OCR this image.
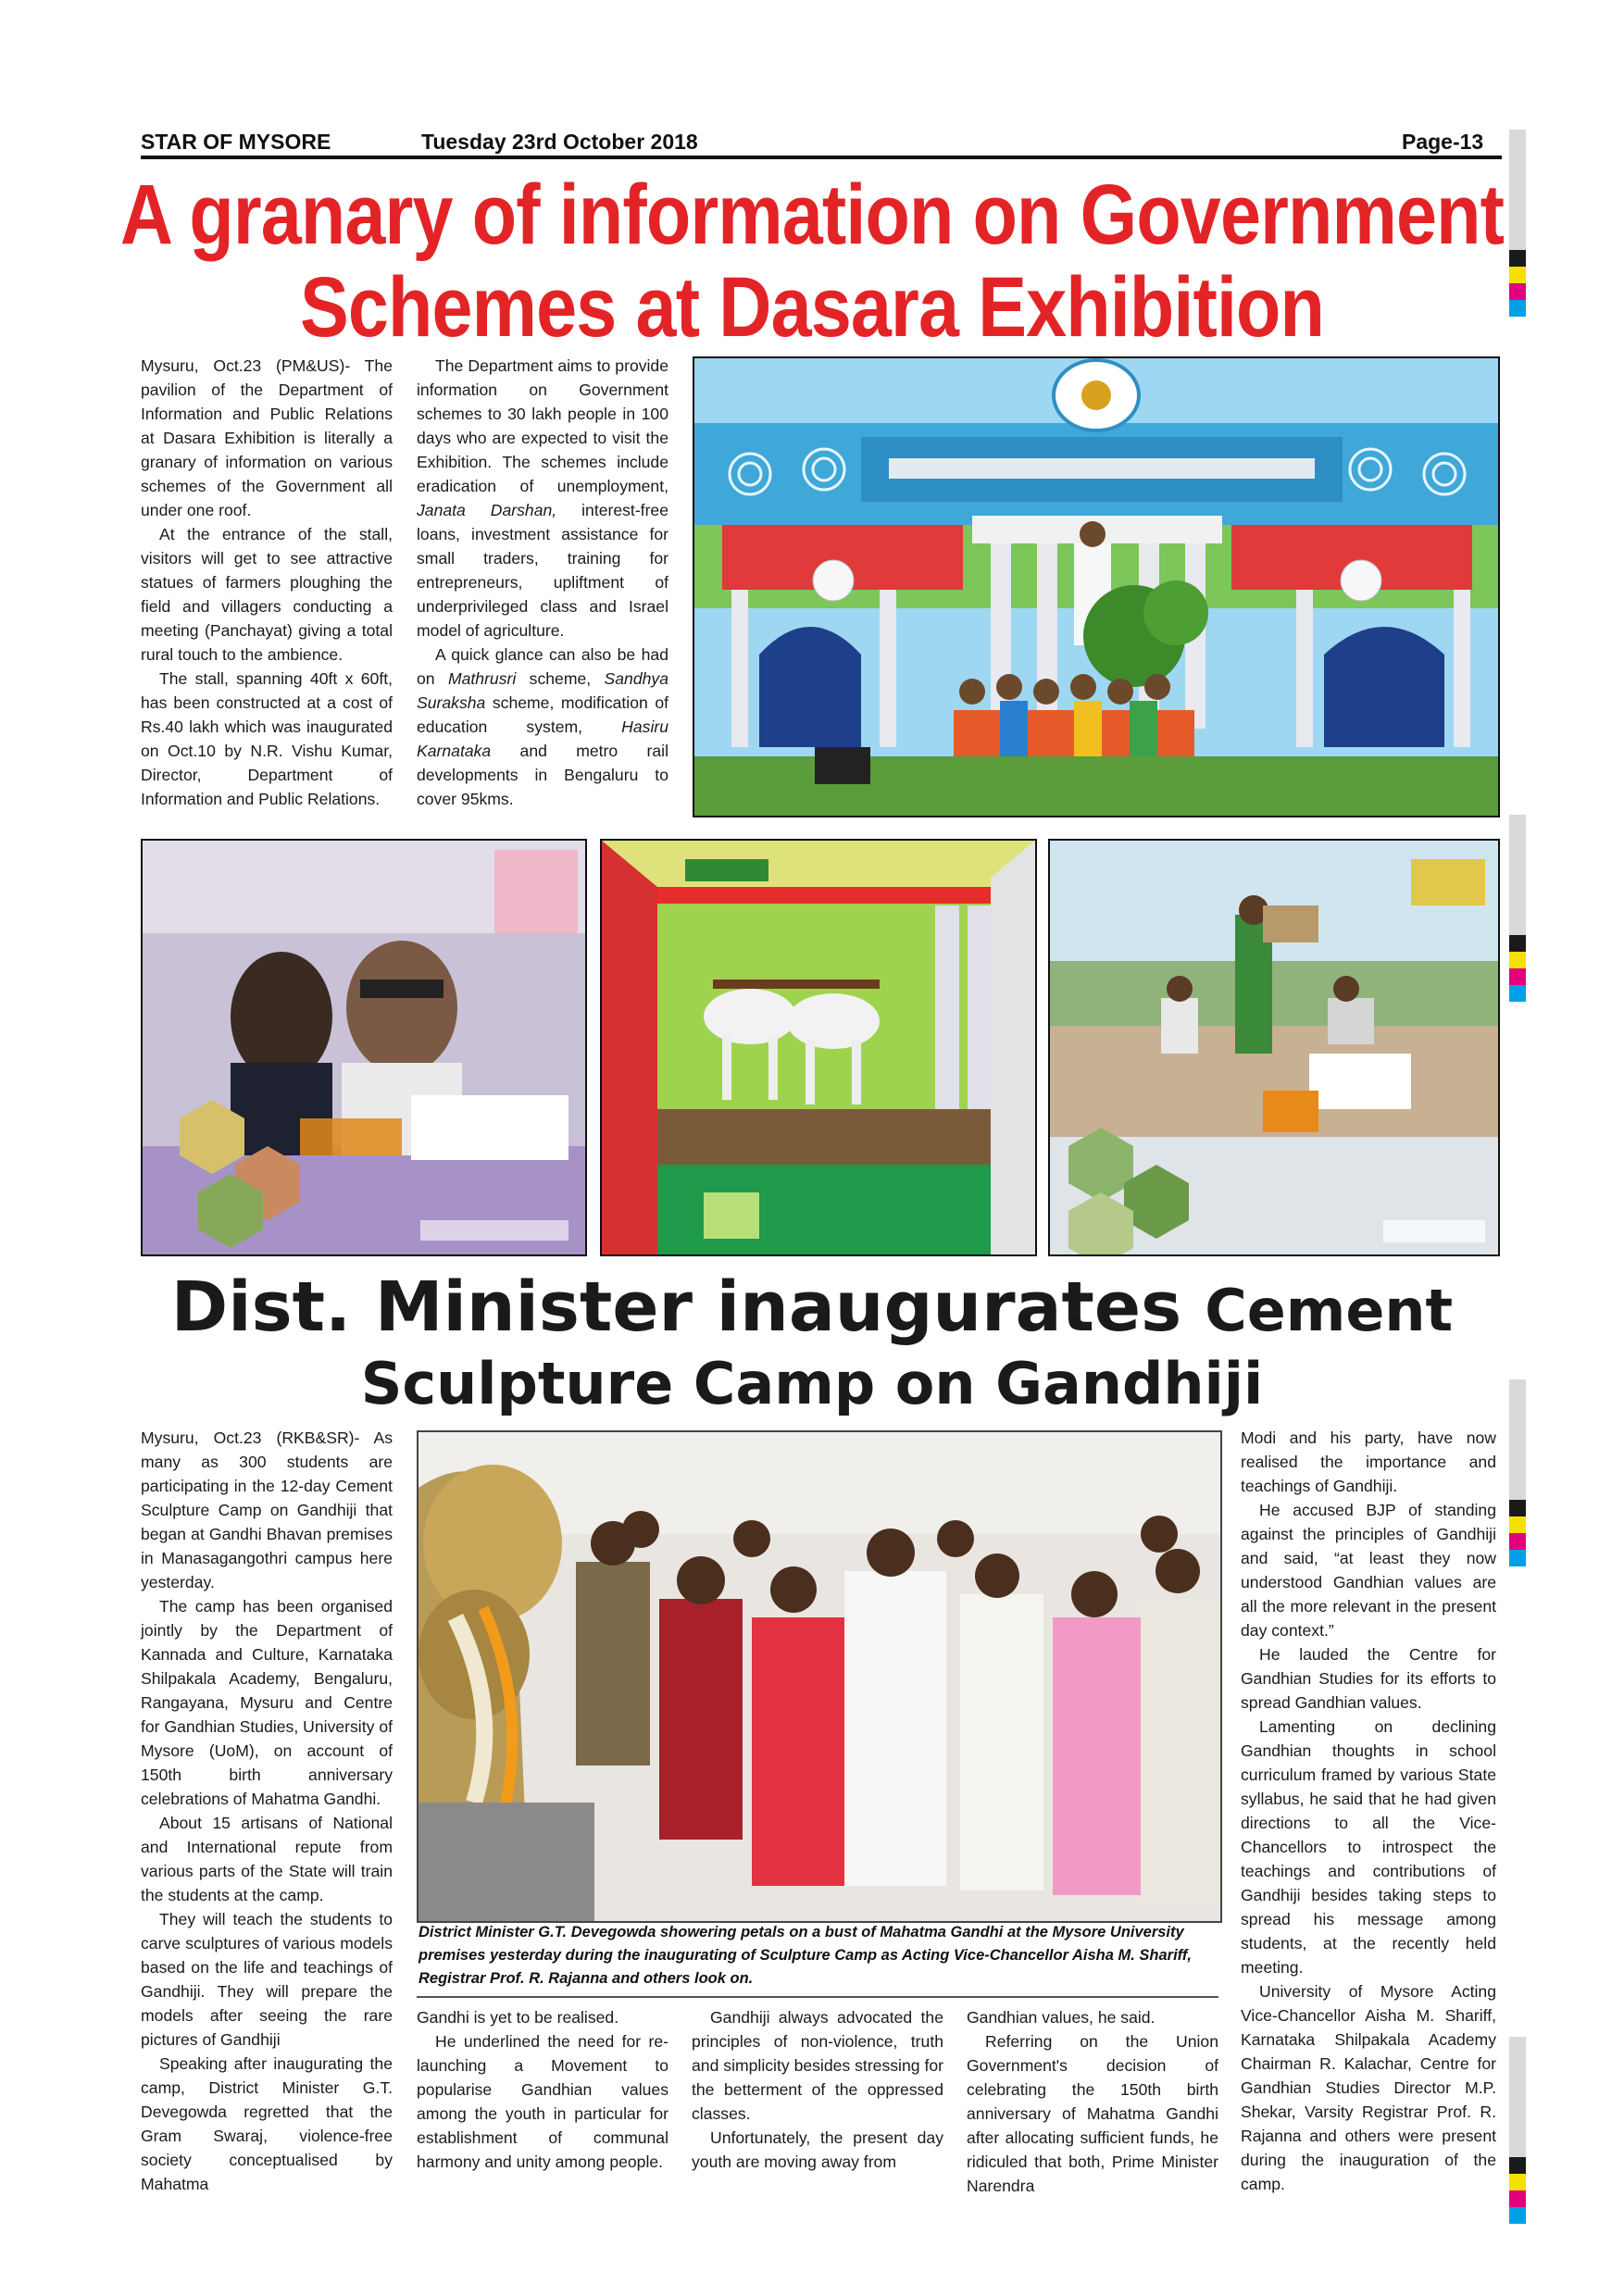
STAR OF MYSORE	Tuesday 23rd October 2018	Page-13
A granary of information on Government
Schemes at Dasara Exhibition

Mysuru, Oct.23 (PM&US)- The pavilion of the Department of Information and Public Relations at Dasara Exhibition is literally a granary of information on various schemes of the Government all under one roof.

At the entrance of the stall, visitors will get to see attractive statues of farmers ploughing the field and villagers conducting a meeting (Panchayat) giving a total rural touch to the ambience.

The stall, spanning 40ft x 60ft, has been constructed at a cost of Rs.40 lakh which was inaugurated on Oct.10 by N.R. Vishu Kumar, Director, Department of Information and Public Relations.

The Department aims to provide information on Government schemes to 30 lakh people in 100 days who are expected to visit the Exhibition. The schemes include eradication of unemployment, Janata Darshan, interest-free loans, investment assistance for small traders, training for entrepreneurs, upliftment of underprivileged class and Israel model of agriculture.

A quick glance can also be had on Mathrusri scheme, Sandhya Suraksha scheme, modification of education system, Hasiru Karnataka and metro rail developments in Bengaluru to cover 95kms.

Dist. Minister inaugurates Cement
Sculpture Camp on Gandhiji

Mysuru, Oct.23 (RKB&SR)- As many as 300 students are participating in the 12-day Cement Sculpture Camp on Gandhiji that began at Gandhi Bhavan premises in Manasagangothri campus here yesterday.

The camp has been organised jointly by the Department of Kannada and Culture, Karnataka Shilpakala Academy, Bengaluru, Rangayana, Mysuru and Centre for Gandhian Studies, University of Mysore (UoM), on account of 150th birth anniversary celebrations of Mahatma Gandhi.

About 15 artisans of National and International repute from various parts of the State will train the students at the camp.

They will teach the students to carve sculptures of various models based on the life and teachings of Gandhiji. They will prepare the models after seeing the rare pictures of Gandhiji

Speaking after inaugurating the camp, District Minister G.T. Devegowda regretted that the Gram Swaraj, violence-free society conceptualised by Mahatma

District Minister G.T. Devegowda showering petals on a bust of Mahatma Gandhi at the Mysore University premises yesterday during the inaugurating of Sculpture Camp as Acting Vice-Chancellor Aisha M. Shariff, Registrar Prof. R. Rajanna and others look on.

Gandhi is yet to be realised.

He underlined the need for re-launching a Movement to popularise Gandhian values among the youth in particular for establishment of communal harmony and unity among people.

Gandhiji always advocated the principles of non-violence, truth and simplicity besides stressing for the betterment of the oppressed classes.

Unfortunately, the present day youth are moving away from

Gandhian values, he said.

Referring on the Union Government's decision of celebrating the 150th birth anniversary of Mahatma Gandhi after allocating sufficient funds, he ridiculed that both, Prime Minister Narendra

Modi and his party, have now realised the importance and teachings of Gandhiji.

He accused BJP of standing against the principles of Gandhiji and said, “at least they now understood Gandhian values are all the more relevant in the present day context.”

He lauded the Centre for Gandhian Studies for its efforts to spread Gandhian values.

Lamenting on declining Gandhian thoughts in school curriculum framed by various State syllabus, he said that he had given directions to all the Vice-Chancellors to introspect the teachings and contributions of Gandhiji besides taking steps to spread his message among students, at the recently held meeting.

University of Mysore Acting Vice-Chancellor Aisha M. Shariff, Karnataka Shilpakala Academy Chairman R. Kalachar, Centre for Gandhian Studies Director M.P. Shekar, Varsity Registrar Prof. R. Rajanna and others were present during the inauguration of the camp.
